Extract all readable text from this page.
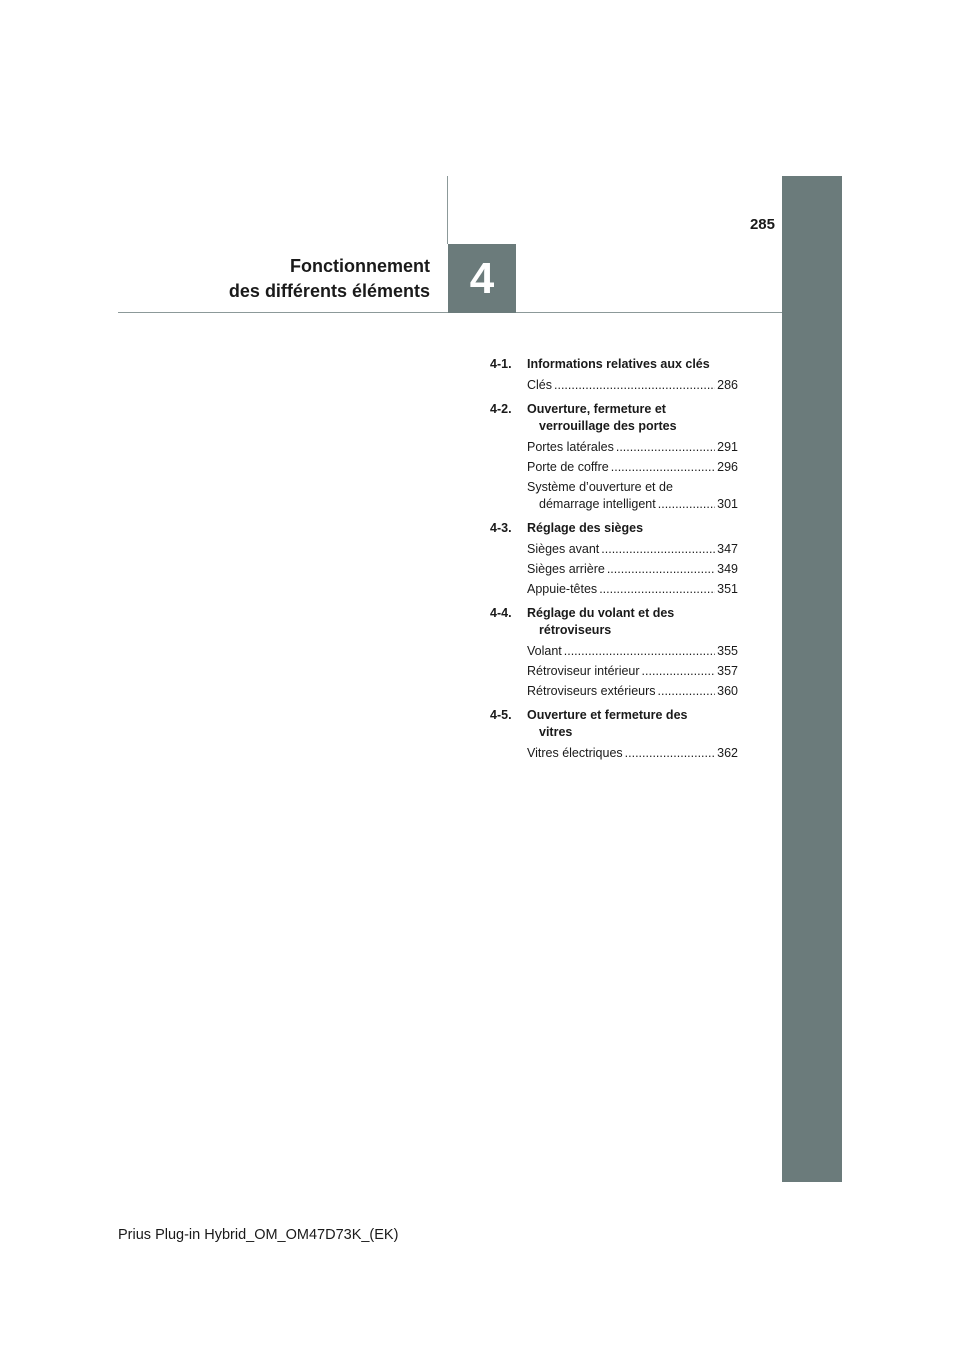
4
Fonctionnement
des différents éléments
285
4-1.	Informations relatives aux clés
Clés .....	286
4-2.	Ouverture, fermeture et
verrouillage des portes
Portes latérales .....	291
Porte de coffre .....	296
Système d’ouverture et de
démarrage intelligent .....	301
4-3.	Réglage des sièges
Sièges avant .....	347
Sièges arrière .....	349
Appuie-têtes .....	351
4-4.	Réglage du volant et des
rétroviseurs
Volant .....	355
Rétroviseur intérieur .....	357
Rétroviseurs extérieurs .....	360
4-5.	Ouverture et fermeture des
vitres
Vitres électriques .....	362
Prius Plug-in Hybrid_OM_OM47D73K_(EK)
